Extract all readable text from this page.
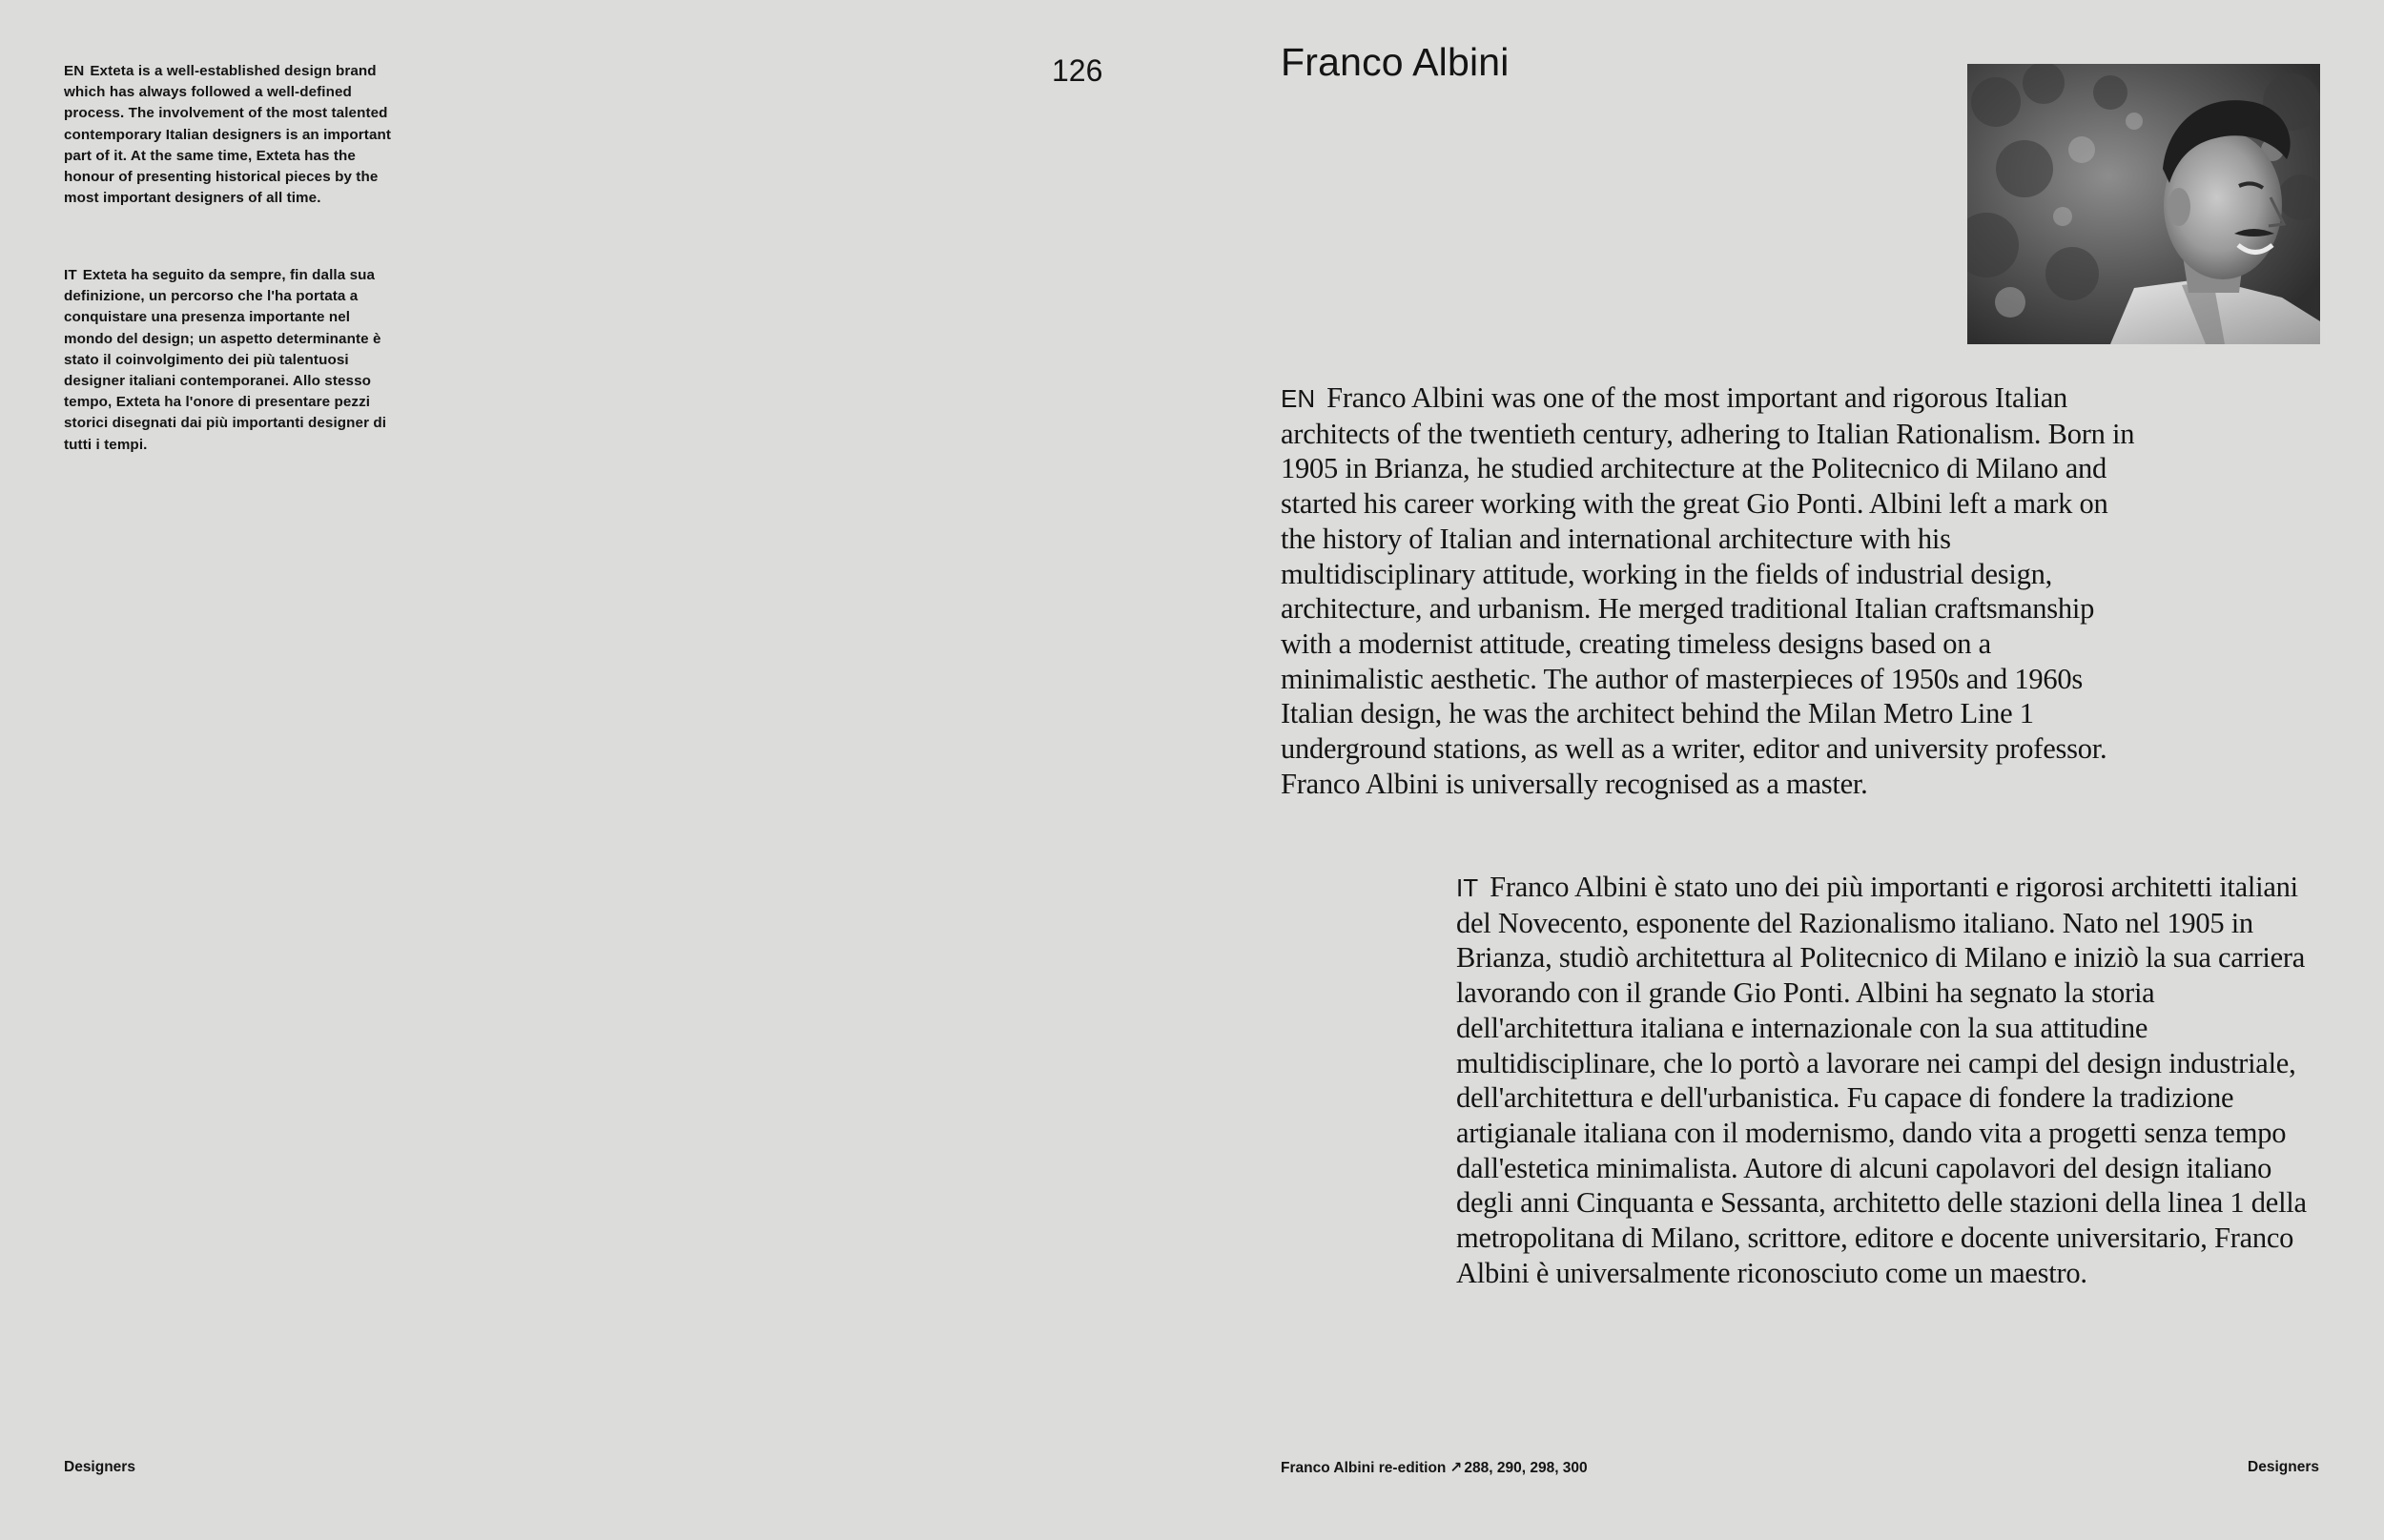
EN Exteta is a well-established design brand which has always followed a well-defined process. The involvement of the most talented contemporary Italian designers is an important part of it. At the same time, Exteta has the honour of presenting historical pieces by the most important designers of all time.

IT Exteta ha seguito da sempre, fin dalla sua definizione, un percorso che l'ha portata a conquistare una presenza importante nel mondo del design; un aspetto determinante è stato il coinvolgimento dei più talentuosi designer italiani contemporanei. Allo stesso tempo, Exteta ha l'onore di presentare pezzi storici disegnati dai più importanti designer di tutti i tempi.

126	Franco Albini

EN Franco Albini was one of the most important and rigorous Italian architects of the twentieth century, adhering to Italian Rationalism. Born in 1905 in Brianza, he studied architecture at the Politecnico di Milano and started his career working with the great Gio Ponti. Albini left a mark on the history of Italian and international architecture with his multidisciplinary attitude, working in the fields of industrial design, architecture, and urbanism. He merged traditional Italian craftsmanship with a modernist attitude, creating timeless designs based on a minimalistic aesthetic. The author of masterpieces of 1950s and 1960s Italian design, he was the architect behind the Milan Metro Line 1 underground stations, as well as a writer, editor and university professor. Franco Albini is universally recognised as a master.

IT Franco Albini è stato uno dei più importanti e rigorosi architetti italiani del Novecento, esponente del Razionalismo italiano. Nato nel 1905 in Brianza, studiò architettura al Politecnico di Milano e iniziò la sua carriera lavorando con il grande Gio Ponti. Albini ha segnato la storia dell'architettura italiana e internazionale con la sua attitudine multidisciplinare, che lo portò a lavorare nei campi del design industriale, dell'architettura e dell'urbanistica. Fu capace di fondere la tradizione artigianale italiana con il modernismo, dando vita a progetti senza tempo dall'estetica minimalista. Autore di alcuni capolavori del design italiano degli anni Cinquanta e Sessanta, architetto delle stazioni della linea 1 della metropolitana di Milano, scrittore, editore e docente universitario, Franco Albini è universalmente riconosciuto come un maestro.

Designers	Franco Albini re-edition ↗ 288, 290, 298, 300	Designers
